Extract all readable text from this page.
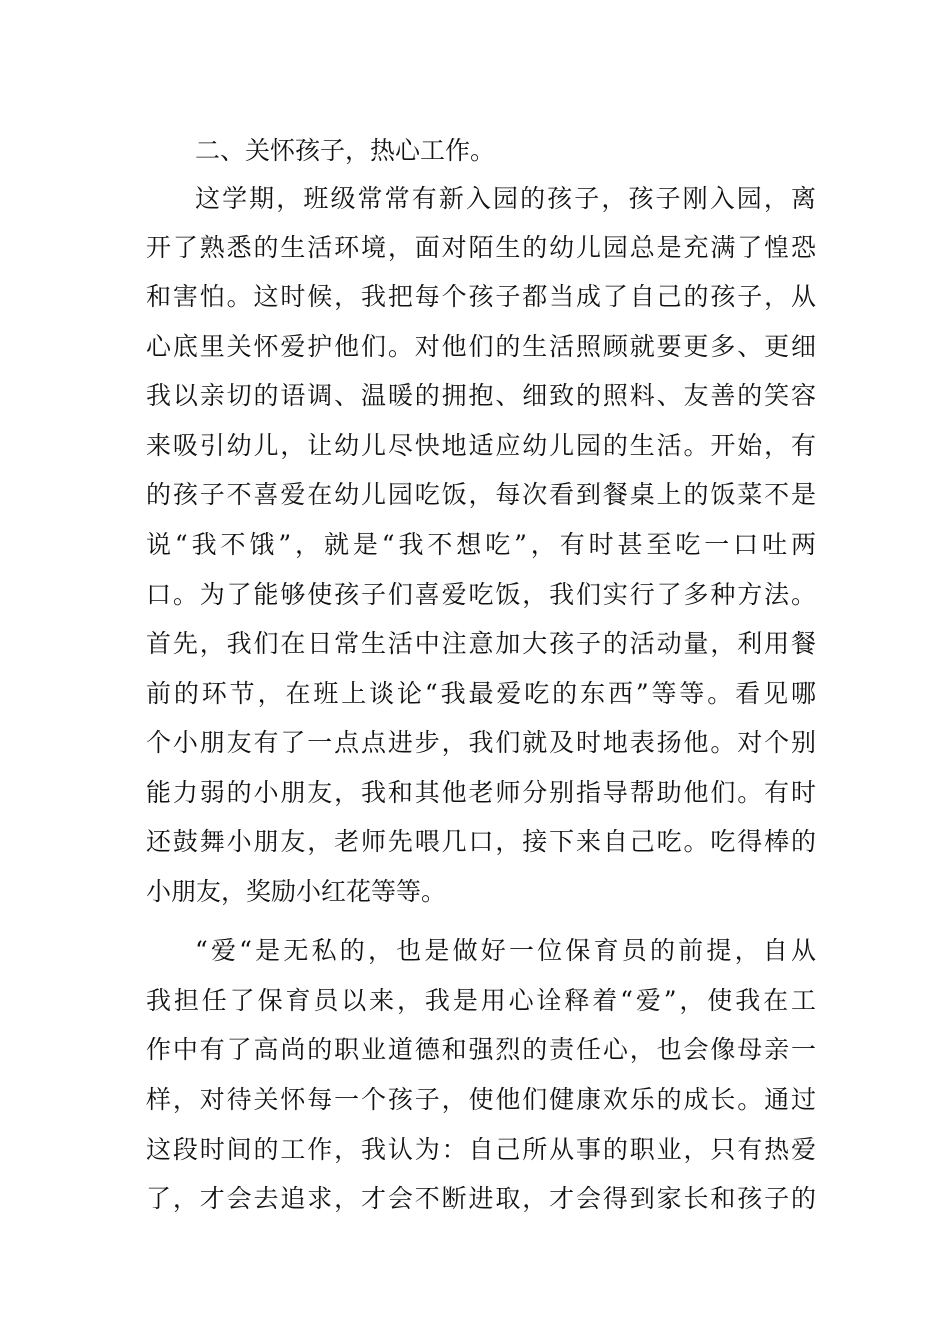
二、关怀孩子，热心工作。
这学期，班级常常有新入园的孩子，孩子刚入园，离
开了熟悉的生活环境，面对陌生的幼儿园总是充满了惶恐
和害怕。这时候，我把每个孩子都当成了自己的孩子，从
心底里关怀爱护他们。对他们的生活照顾就要更多、更细
我以亲切的语调、温暖的拥抱、细致的照料、友善的笑容
来吸引幼儿，让幼儿尽快地适应幼儿园的生活。开始，有
的孩子不喜爱在幼儿园吃饭，每次看到餐桌上的饭菜不是
说“我不饿”，就是“我不想吃”，有时甚至吃一口吐两
口。为了能够使孩子们喜爱吃饭，我们实行了多种方法。
首先，我们在日常生活中注意加大孩子的活动量，利用餐
前的环节，在班上谈论“我最爱吃的东西”等等。看见哪
个小朋友有了一点点进步，我们就及时地表扬他。对个别
能力弱的小朋友，我和其他老师分别指导帮助他们。有时
还鼓舞小朋友，老师先喂几口，接下来自己吃。吃得棒的
小朋友，奖励小红花等等。
“爱“是无私的，也是做好一位保育员的前提，自从
我担任了保育员以来，我是用心诠释着“爱”，使我在工
作中有了高尚的职业道德和强烈的责任心，也会像母亲一
样，对待关怀每一个孩子，使他们健康欢乐的成长。通过
这段时间的工作，我认为：自己所从事的职业，只有热爱
了，才会去追求，才会不断进取，才会得到家长和孩子的
